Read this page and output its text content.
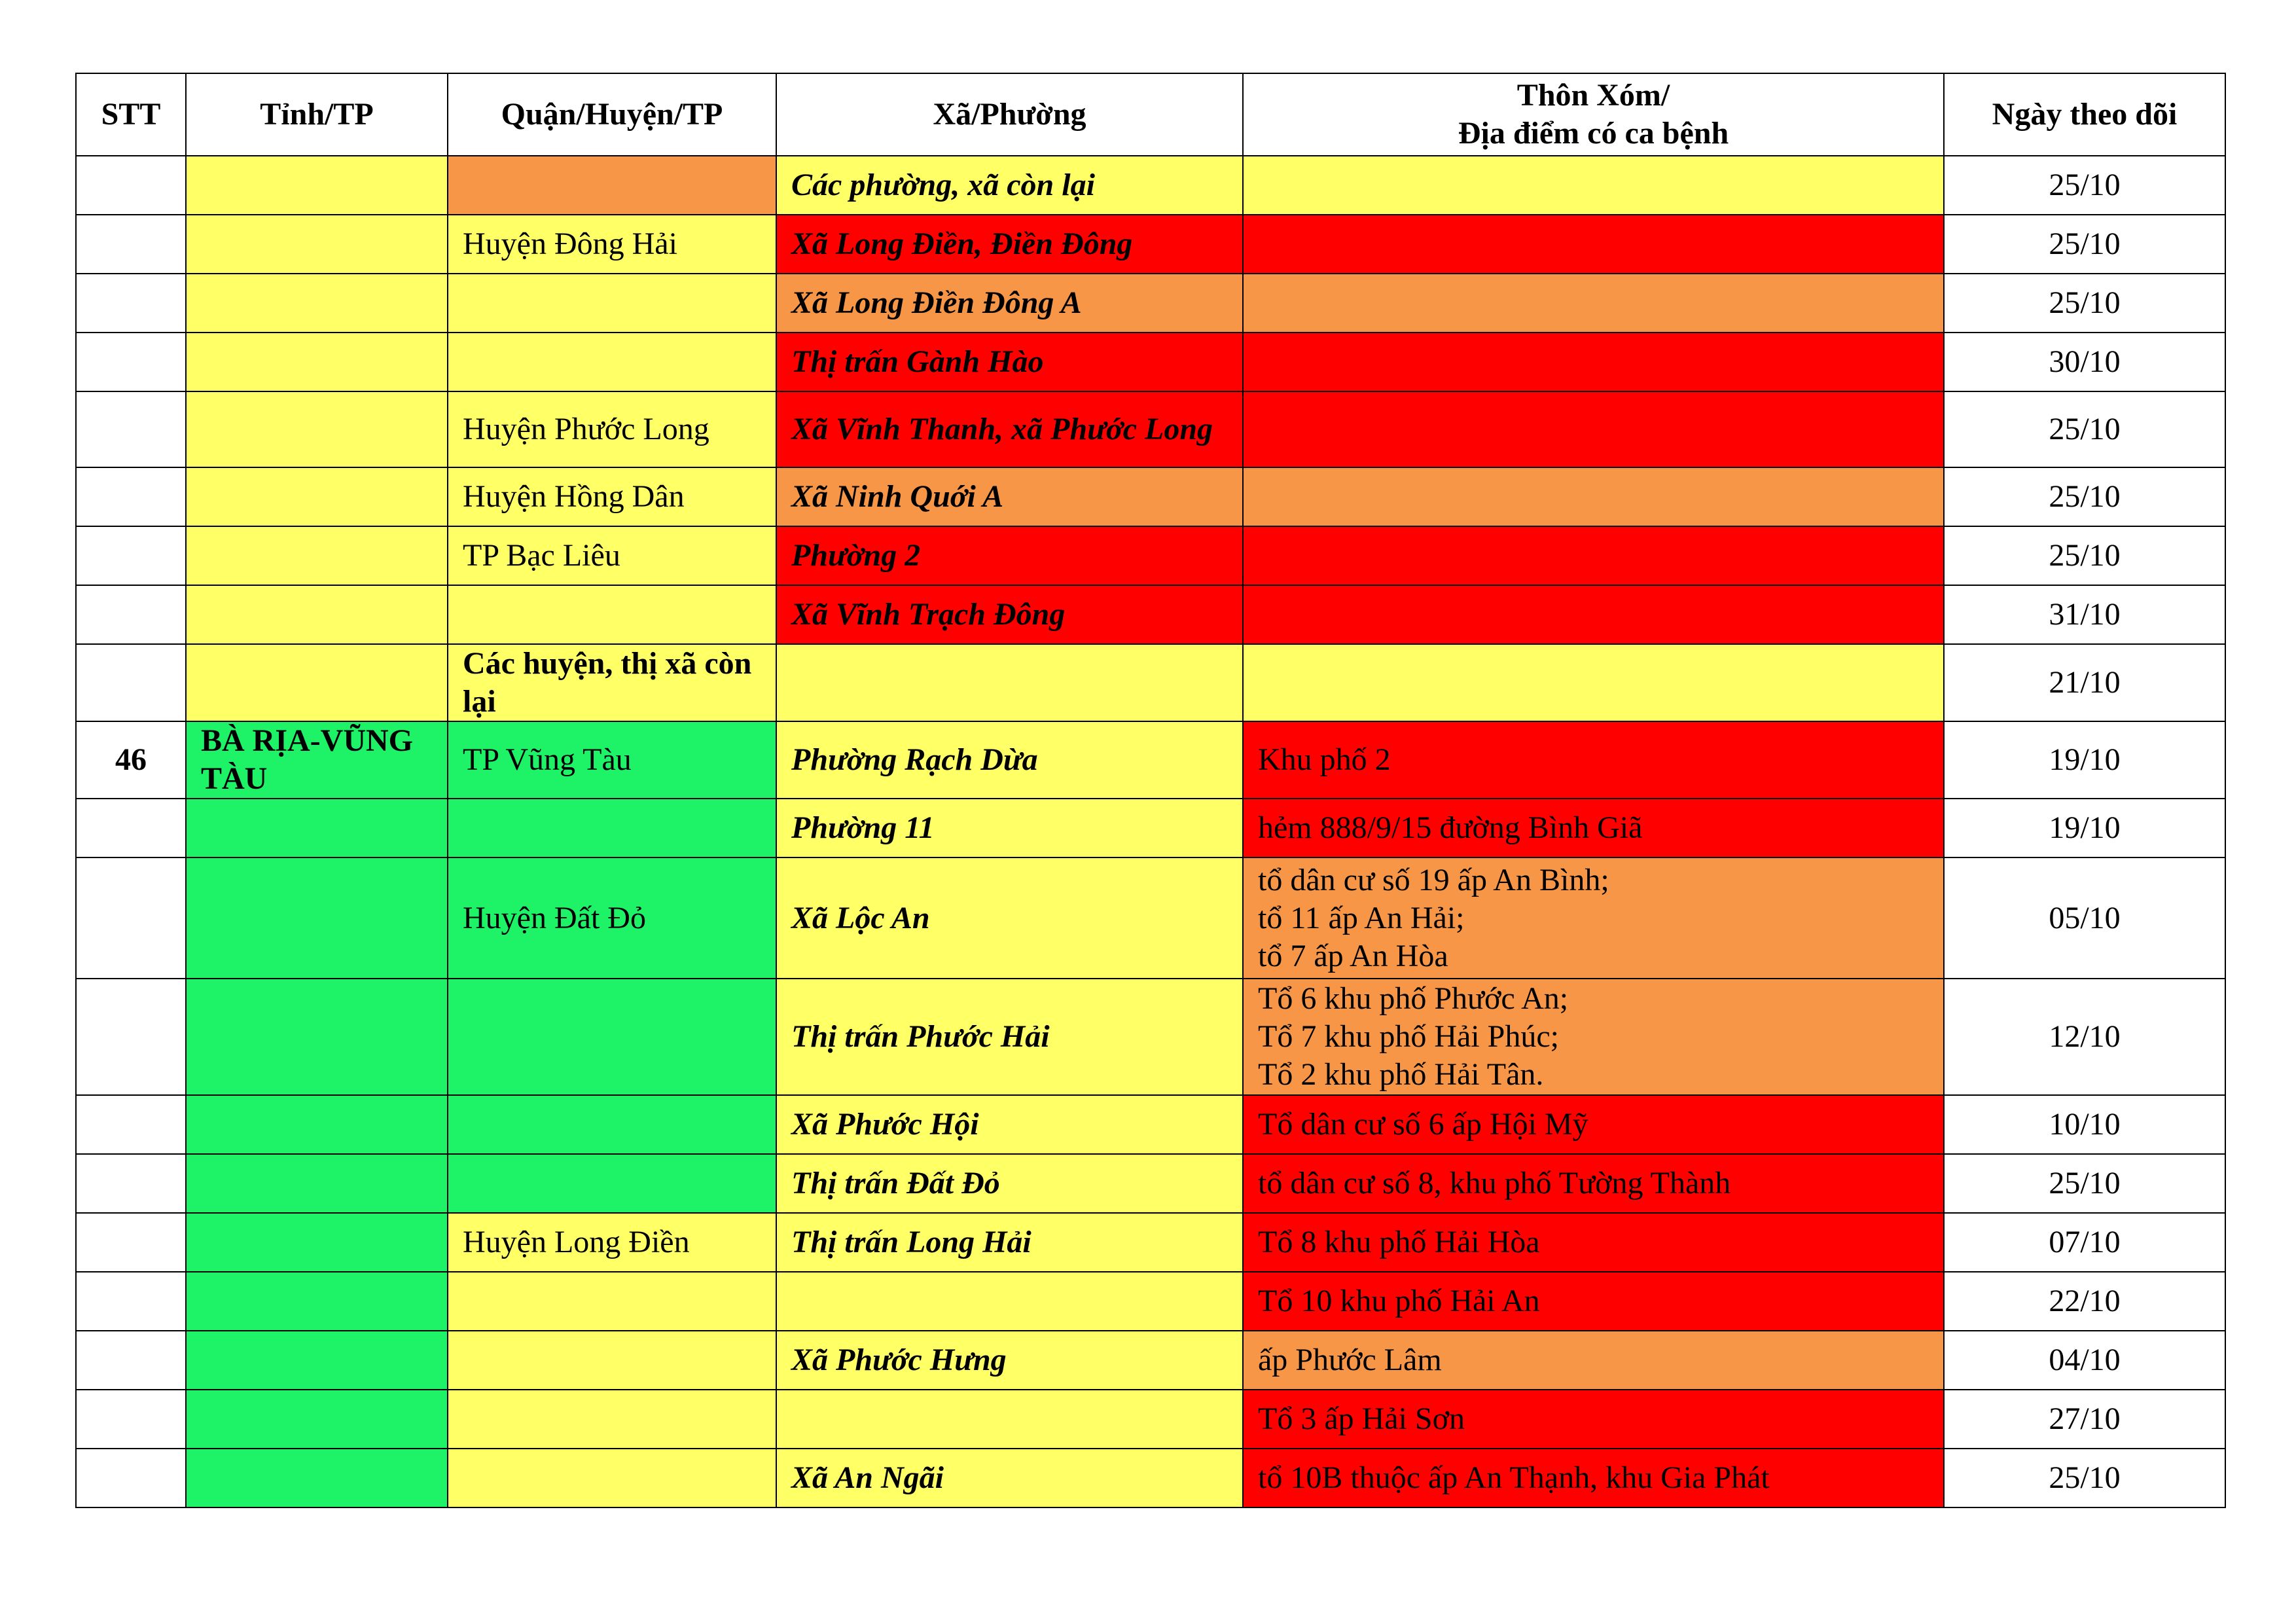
STT	Tỉnh/TP	Quận/Huyện/TP	Xã/Phường	Thôn Xóm/
Địa điểm có ca bệnh	Ngày theo dõi
			Các phường, xã còn lại		25/10
		Huyện Đông Hải	Xã Long Điền, Điền Đông		25/10
			Xã Long Điền Đông A		25/10
			Thị trấn Gành Hào		30/10
		Huyện Phước Long	Xã Vĩnh Thanh, xã Phước Long		25/10
		Huyện Hồng Dân	Xã Ninh Quới A		25/10
		TP Bạc Liêu	Phường 2		25/10
			Xã Vĩnh Trạch Đông		31/10
		Các huyện, thị xã còn lại			21/10
46	BÀ RỊA-VŨNG TÀU	TP Vũng Tàu	Phường Rạch Dừa	Khu phố 2	19/10
			Phường 11	hẻm 888/9/15 đường Bình Giã	19/10
		Huyện Đất Đỏ	Xã Lộc An	tổ dân cư số 19 ấp An Bình;
tổ 11 ấp An Hải;
tổ 7 ấp An Hòa	05/10
			Thị trấn Phước Hải	Tổ 6 khu phố Phước An;
Tổ 7 khu phố Hải Phúc;
Tổ 2 khu phố Hải Tân.	12/10
			Xã Phước Hội	Tổ dân cư số 6 ấp Hội Mỹ	10/10
			Thị trấn Đất Đỏ	tổ dân cư số 8, khu phố Tường Thành	25/10
		Huyện Long Điền	Thị trấn Long Hải	Tổ 8 khu phố Hải Hòa	07/10

				Tổ 10 khu phố Hải An	22/10
			Xã Phước Hưng	ấp Phước Lâm	04/10

				Tổ 3 ấp Hải Sơn	27/10
			Xã An Ngãi	tổ 10B thuộc ấp An Thạnh, khu Gia Phát	25/10
